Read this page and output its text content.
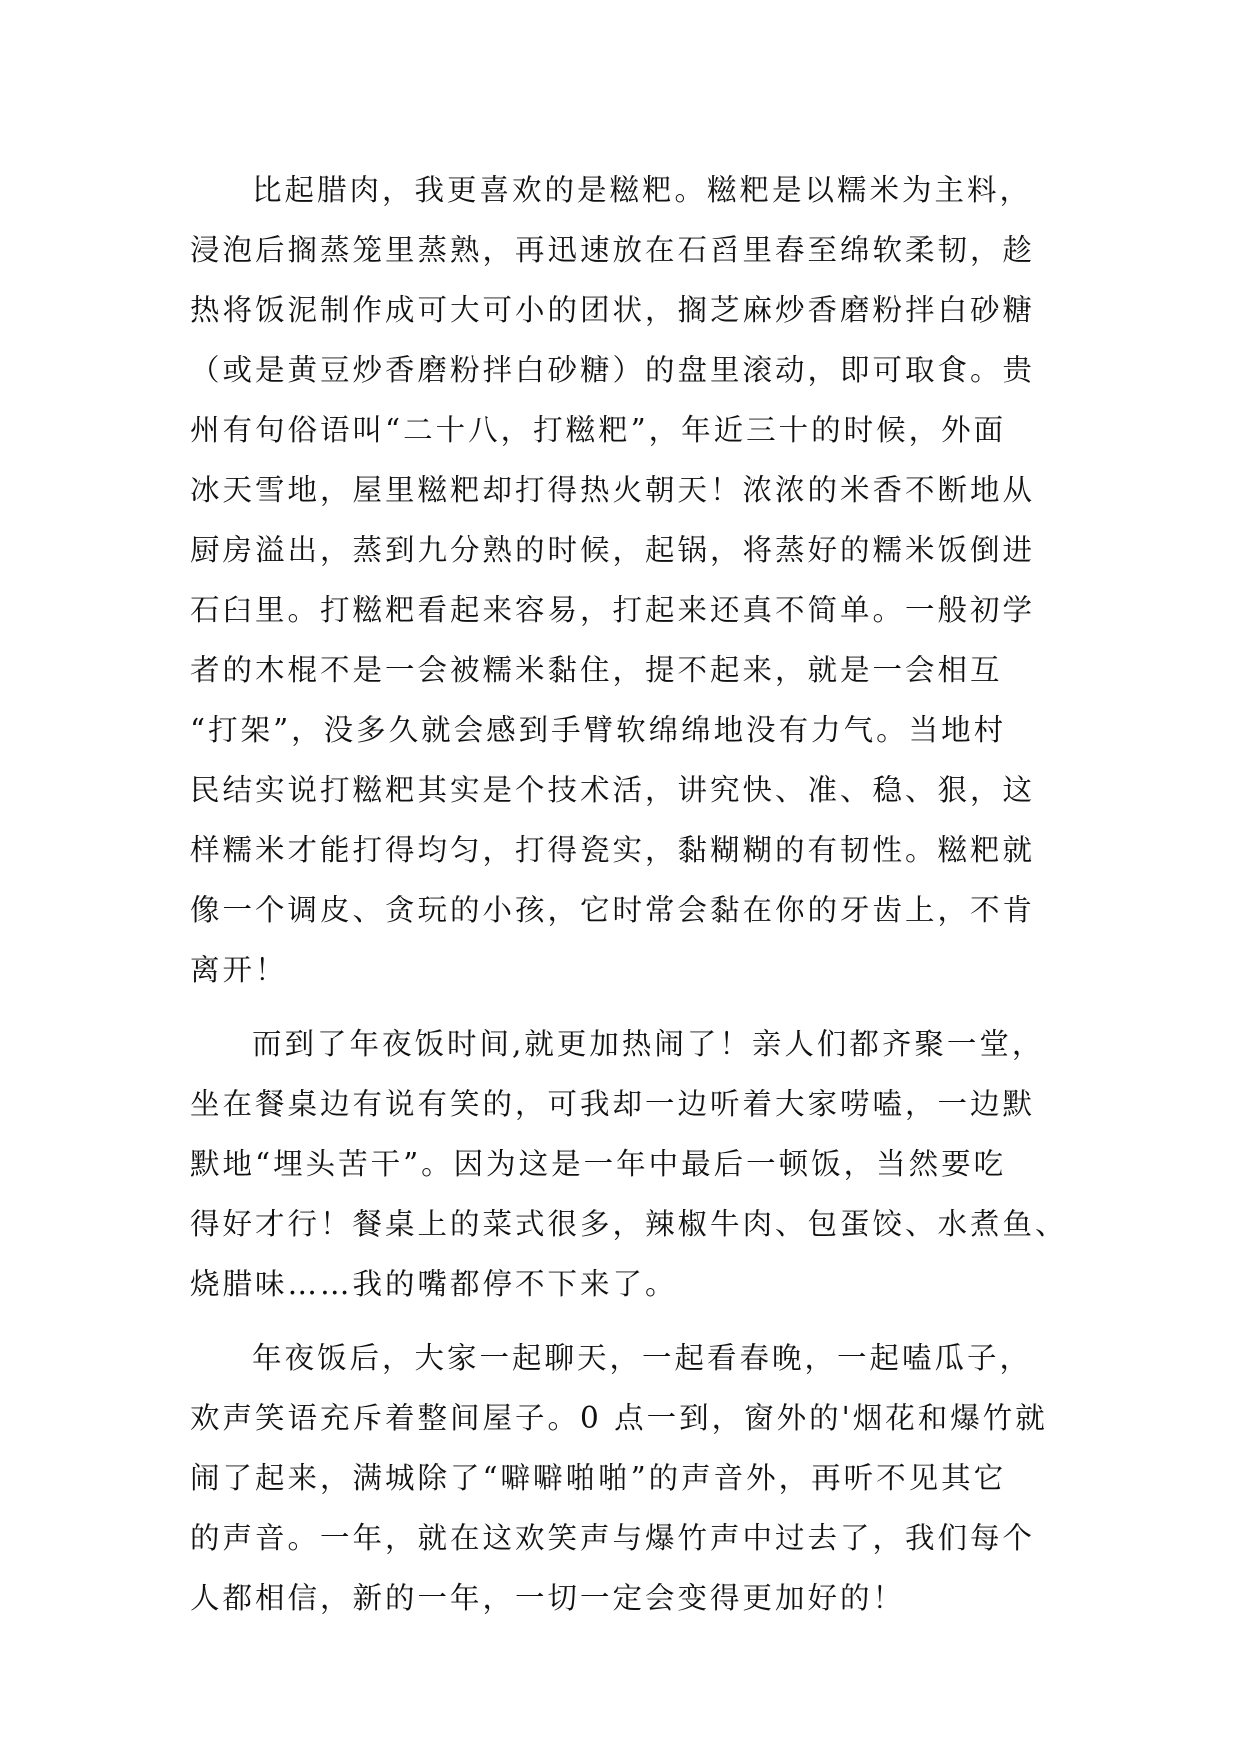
比起腊肉，我更喜欢的是糍粑。糍粑是以糯米为主料，
浸泡后搁蒸笼里蒸熟，再迅速放在石舀里舂至绵软柔韧，趁
热将饭泥制作成可大可小的团状，搁芝麻炒香磨粉拌白砂糖
（或是黄豆炒香磨粉拌白砂糖）的盘里滚动，即可取食。贵
州有句俗语叫“二十八，打糍粑”，年近三十的时候，外面
冰天雪地，屋里糍粑却打得热火朝天！浓浓的米香不断地从
厨房溢出，蒸到九分熟的时候，起锅，将蒸好的糯米饭倒进
石臼里。打糍粑看起来容易，打起来还真不简单。一般初学
者的木棍不是一会被糯米黏住，提不起来，就是一会相互
“打架”，没多久就会感到手臂软绵绵地没有力气。当地村
民结实说打糍粑其实是个技术活，讲究快、准、稳、狠，这
样糯米才能打得均匀，打得瓷实，黏糊糊的有韧性。糍粑就
像一个调皮、贪玩的小孩，它时常会黏在你的牙齿上，不肯
离开！
而到了年夜饭时间,就更加热闹了！亲人们都齐聚一堂，
坐在餐桌边有说有笑的，可我却一边听着大家唠嗑，一边默
默地“埋头苦干”。因为这是一年中最后一顿饭，当然要吃
得好才行！餐桌上的菜式很多，辣椒牛肉、包蛋饺、水煮鱼、
烧腊味……我的嘴都停不下来了。
年夜饭后，大家一起聊天，一起看春晚，一起嗑瓜子，
欢声笑语充斥着整间屋子。0 点一到，窗外的'烟花和爆竹就
闹了起来，满城除了“噼噼啪啪”的声音外，再听不见其它
的声音。一年，就在这欢笑声与爆竹声中过去了，我们每个
人都相信，新的一年，一切一定会变得更加好的！
